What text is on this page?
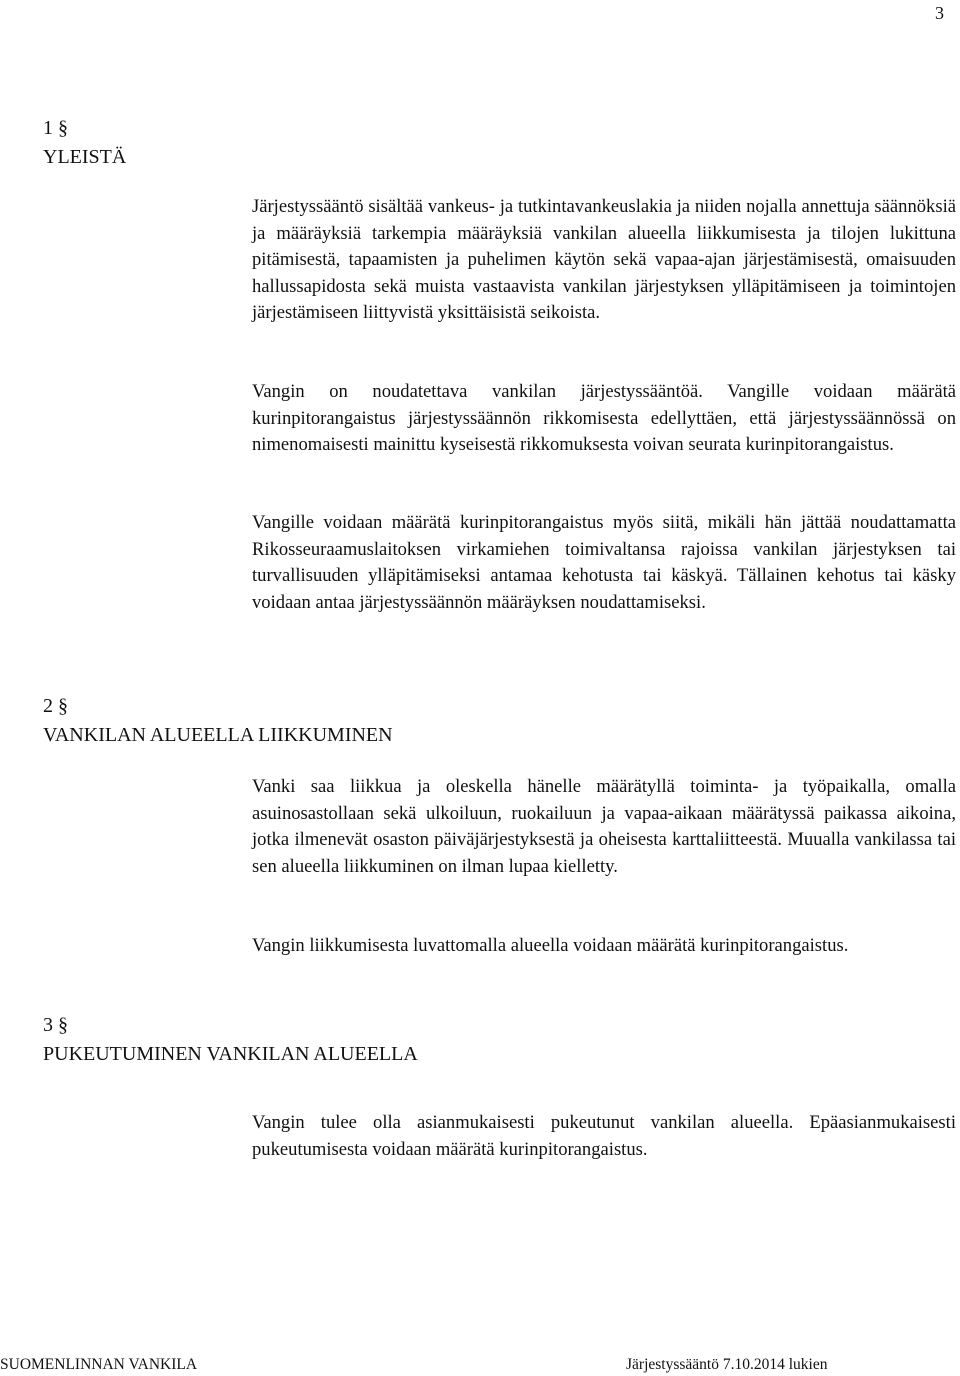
3
1 §
YLEISTÄ

Järjestyssääntö sisältää vankeus- ja tutkintavankeuslakia ja niiden nojalla annettuja säännöksiä ja määräyksiä tarkempia määräyksiä vankilan alueella liikkumisesta ja tilojen lukittuna pitämisestä, tapaamisten ja puhelimen käytön sekä vapaa-ajan järjestämisestä, omaisuuden hallussapidosta sekä muista vastaavista vankilan järjestyksen ylläpitämiseen ja toimintojen järjestämiseen liittyvistä yksittäisistä seikoista.

Vangin on noudatettava vankilan järjestyssääntöä. Vangille voidaan määrätä kurinpitorangaistus järjestyssäännön rikkomisesta edellyttäen, että järjestyssäännössä on nimenomaisesti mainittu kyseisestä rikkomuksesta voivan seurata kurinpitorangaistus.

Vangille voidaan määrätä kurinpitorangaistus myös siitä, mikäli hän jättää noudattamatta Rikosseuraamuslaitoksen virkamiehen toimivaltansa rajoissa vankilan järjestyksen tai turvallisuuden ylläpitämiseksi antamaa kehotusta tai käskyä. Tällainen kehotus tai käsky voidaan antaa järjestyssäännön määräyksen noudattamiseksi.

2 §
VANKILAN ALUEELLA LIIKKUMINEN

Vanki saa liikkua ja oleskella hänelle määrätyllä toiminta- ja työpaikalla, omalla asuinosastollaan sekä ulkoiluun, ruokailuun ja vapaa-aikaan määrätyssä paikassa aikoina, jotka ilmenevät osaston päiväjärjestyksestä ja oheisesta karttaliitteestä. Muualla vankilassa tai sen alueella liikkuminen on ilman lupaa kielletty.

Vangin liikkumisesta luvattomalla alueella voidaan määrätä kurinpitorangaistus.

3 §
PUKEUTUMINEN VANKILAN ALUEELLA

Vangin tulee olla asianmukaisesti pukeutunut vankilan alueella. Epäasianmukaisesti pukeutumisesta voidaan määrätä kurinpitorangaistus.

SUOMENLINNAN VANKILA	Järjestyssääntö 7.10.2014 lukien
